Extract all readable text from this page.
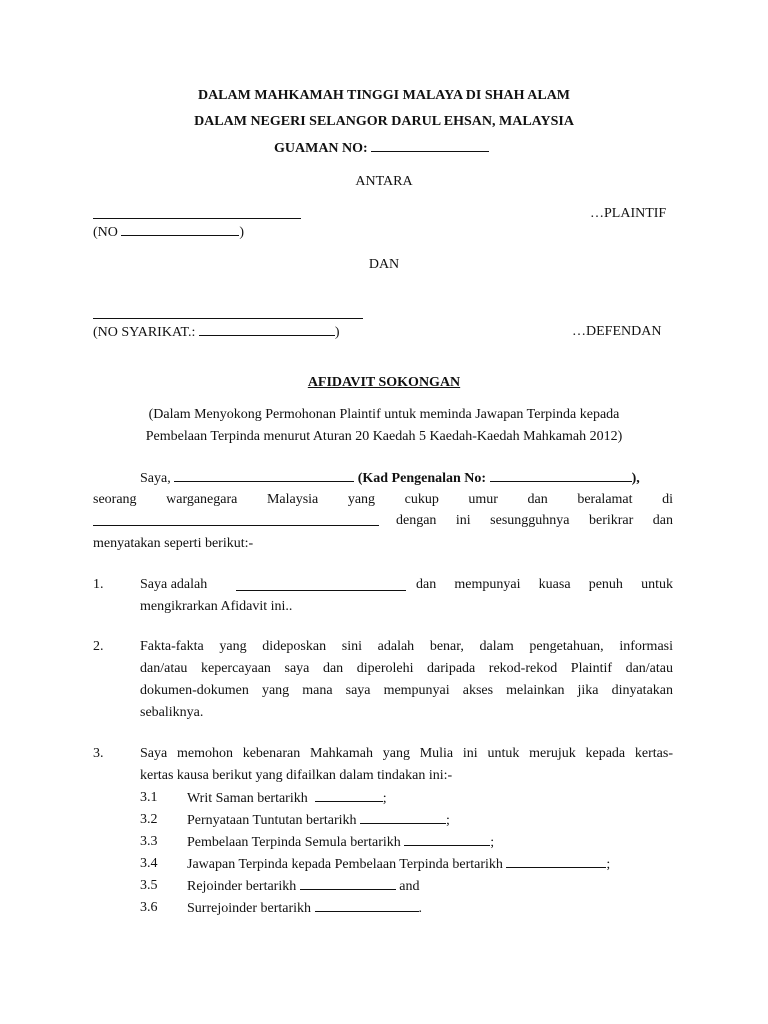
DALAM MAHKAMAH TINGGI MALAYA DI SHAH ALAM
DALAM NEGERI SELANGOR DARUL EHSAN, MALAYSIA
GUAMAN NO:
ANTARA
…PLAINTIF
(NO	)
DAN
(NO SYARIKAT.:	)	…DEFENDAN
AFIDAVIT SOKONGAN
(Dalam Menyokong Permohonan Plaintif untuk meminda Jawapan Terpinda kepada
Pembelaan Terpinda menurut Aturan 20 Kaedah 5 Kaedah-Kaedah Mahkamah 2012)
Saya,	(Kad Pengenalan No:	),
seorang warganegara Malaysia yang cukup umur dan beralamat di
dengan ini sesungguhnya berikrar dan
menyatakan seperti berikut:-
1.	Saya adalah	dan mempunyai kuasa penuh untuk
mengikrarkan Afidavit ini..
2.	Fakta-fakta yang dideposkan sini adalah benar, dalam pengetahuan, informasi
dan/atau kepercayaan saya dan diperolehi daripada rekod-rekod Plaintif dan/atau
dokumen-dokumen yang mana saya mempunyai akses melainkan jika dinyatakan
sebaliknya.
3.	Saya memohon kebenaran Mahkamah yang Mulia ini untuk merujuk kepada kertas-
kertas kausa berikut yang difailkan dalam tindakan ini:-
3.1 Writ Saman bertarikh	;
3.2 Pernyataan Tuntutan bertarikh	;
3.3 Pembelaan Terpinda Semula bertarikh	;
3.4 Jawapan Terpinda kepada Pembelaan Terpinda bertarikh	;
3.5 Rejoinder bertarikh	and
3.6 Surrejoinder bertarikh	.
